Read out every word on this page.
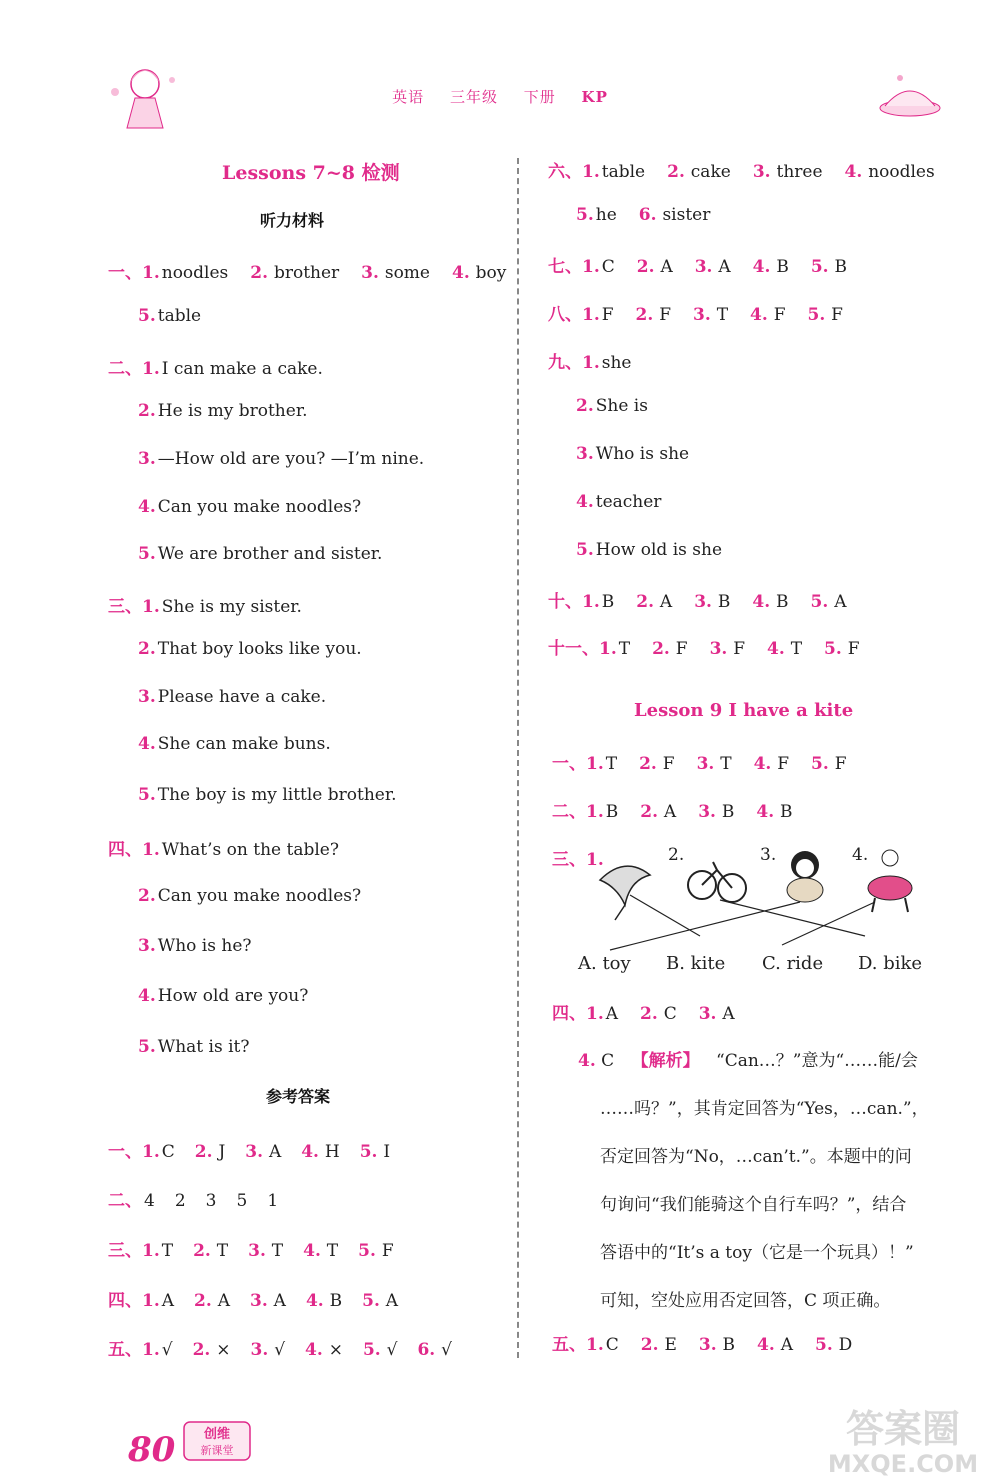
英语 三年级 下册 KP
Lessons 7~8 检测
听力材料
一、1. noodles 2. brother 3. some 4. boy
5. table
二、1. I can make a cake.
2. He is my brother.
3. —How old are you? —I’m nine.
4. Can you make noodles?
5. We are brother and sister.
三、1. She is my sister.
2. That boy looks like you.
3. Please have a cake.
4. She can make buns.
5. The boy is my little brother.
四、1. What’s on the table?
2. Can you make noodles?
3. Who is he?
4. How old are you?
5. What is it?
参考答案
一、1. C 2. J 3. A 4. H 5. I
二、 4 2 3 5 1
三、1. T 2. T 3. T 4. T 5. F
四、1. A 2. A 3. A 4. B 5. A
五、1. √ 2. × 3. √ 4. × 5. √ 6. √
六、1. table 2. cake 3. three 4. noodles
5. he 6. sister
七、1. C 2. A 3. A 4. B 5. B
八、1. F 2. F 3. T 4. F 5. F
九、1. she
2. She is
3. Who is she
4. teacher
5. How old is she
十、1. B 2. A 3. B 4. B 5. A
十一、1. T 2. F 3. F 4. T 5. F
Lesson 9 I have a kite
一、1. T 2. F 3. T 4. F 5. F
二、1. B 2. A 3. B 4. B
三、1.	2.	3.	4.
A. toy B. kite C. ride D. bike
四、1. A 2. C 3. A
4. C 【解析】 “Can…？”意为“……能/会
……吗？”，其肯定回答为“Yes，…can.”，
否定回答为“No，…can’t.”。本题中的问
句询问“我们能骑这个自行车吗？”，结合
答语中的“It’s a toy（它是一个玩具）！”
可知，空处应用否定回答，C 项正确。
五、1. C 2. E 3. B 4. A 5. D
80 创维
新课堂	答案圈
MXQE.COM
